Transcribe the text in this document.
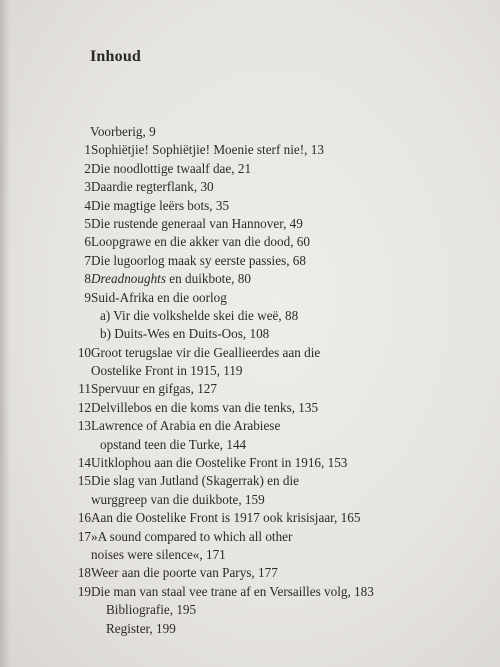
Inhoud
Voorberig, 9
1 Sophiëtjie! Sophiëtjie! Moenie sterf nie!, 13
2 Die noodlottige twaalf dae, 21
3 Daardie regterflank, 30
4 Die magtige leërs bots, 35
5 Die rustende generaal van Hannover, 49
6 Loopgrawe en die akker van die dood, 60
7 Die lugoorlog maak sy eerste passies, 68
8 Dreadnoughts en duikbote, 80
9 Suid-Afrika en die oorlog
a) Vir die volkshelde skei die weë, 88
b) Duits-Wes en Duits-Oos, 108
10 Groot terugslae vir die Geallieerdes aan die
Oostelike Front in 1915, 119
11 Spervuur en gifgas, 127
12 Delvillebos en die koms van die tenks, 135
13 Lawrence of Arabia en die Arabiese
opstand teen die Turke, 144
14 Uitklophou aan die Oostelike Front in 1916, 153
15 Die slag van Jutland (Skagerrak) en die
wurggreep van die duikbote, 159
16 Aan die Oostelike Front is 1917 ook krisisjaar, 165
17 »A sound compared to which all other
noises were silence«, 171
18 Weer aan die poorte van Parys, 177
19 Die man van staal vee trane af en Versailles volg, 183
Bibliografie, 195
Register, 199
